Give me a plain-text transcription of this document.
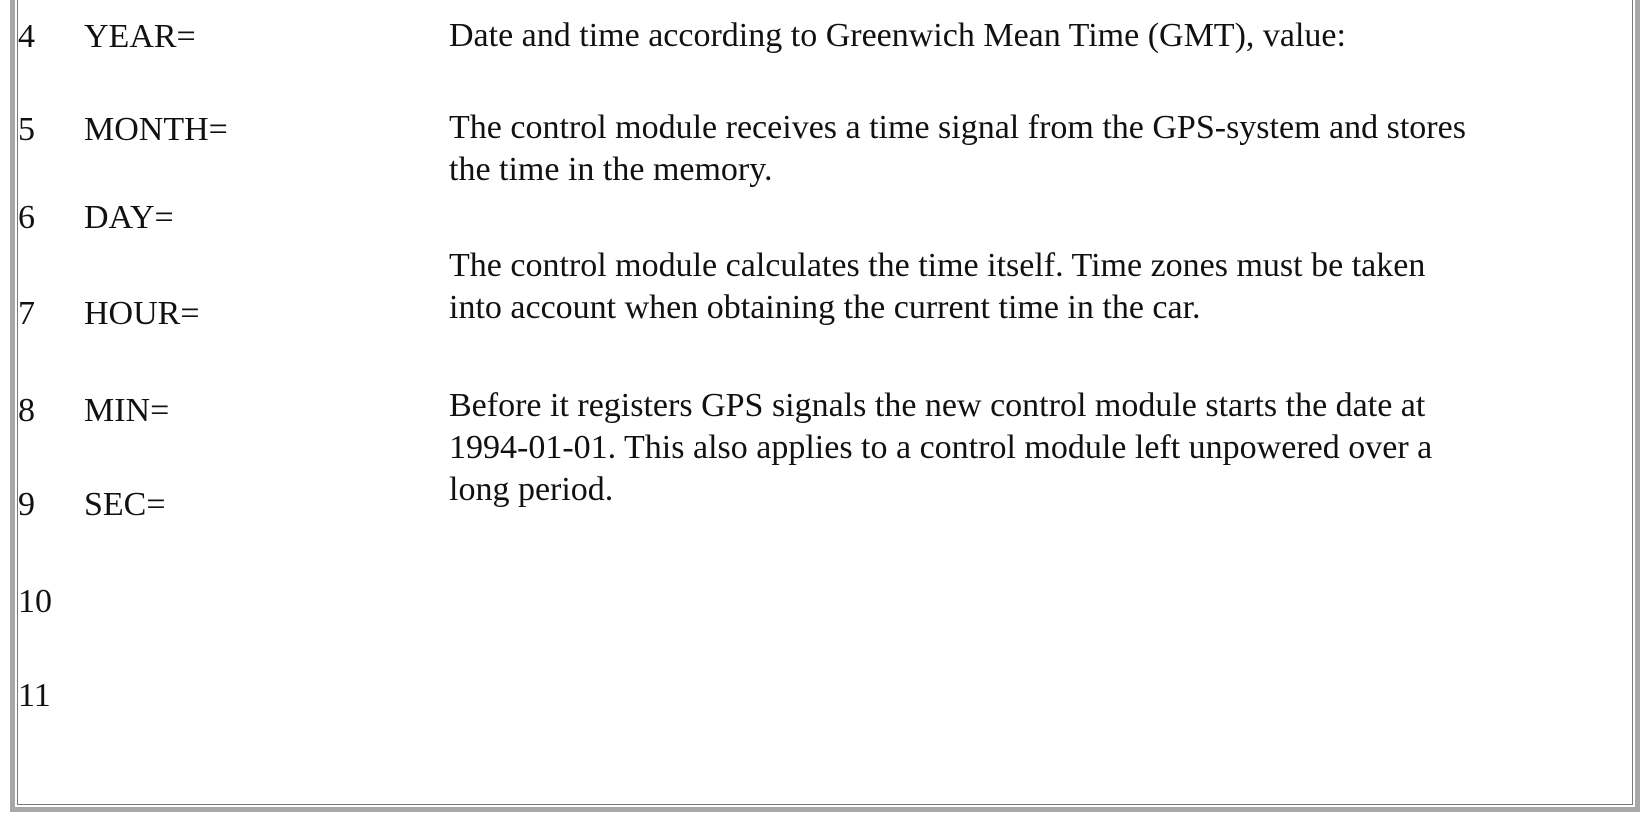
4
5
6
7
8
9
10
11
YEAR=
MONTH=
DAY=
HOUR=
MIN=
SEC=

Date and time according to Greenwich Mean Time (GMT), value:

The control module receives a time signal from the GPS-system and stores
the time in the memory.

The control module calculates the time itself. Time zones must be taken
into account when obtaining the current time in the car.

Before it registers GPS signals the new control module starts the date at
1994-01-01. This also applies to a control module left unpowered over a
long period.
